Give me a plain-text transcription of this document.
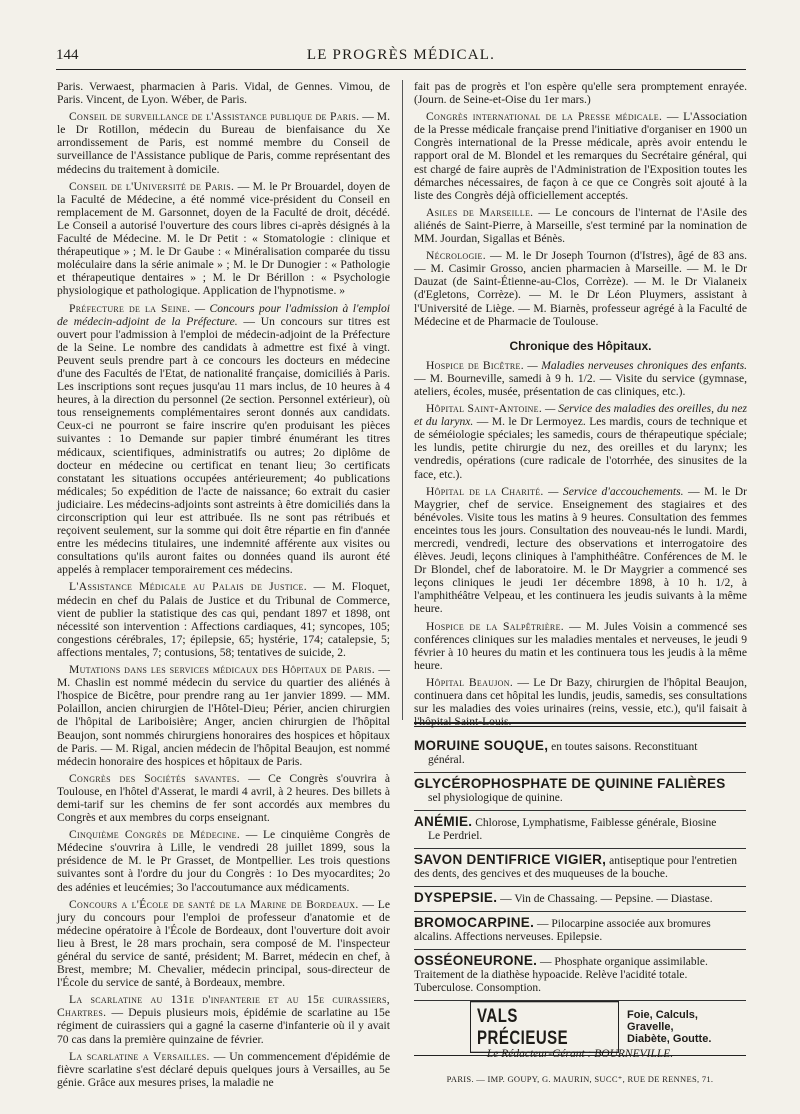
144	LE PROGRÈS MÉDICAL.

Paris. Verwaest, pharmacien à Paris. Vidal, de Gennes. Vimou, de Paris. Vincent, de Lyon. Wéber, de Paris.

Conseil de surveillance de l'Assistance publique de Paris. — M. le Dr Rotillon, médecin du Bureau de bienfaisance du Xe arrondissement de Paris, est nommé membre du Conseil de surveillance de l'Assistance publique de Paris, comme représentant des médecins du traitement à domicile.

Conseil de l'Université de Paris. — M. le Pr Brouardel, doyen de la Faculté de Médecine, a été nommé vice-président du Conseil en remplacement de M. Garsonnet, doyen de la Faculté de droit, décédé. Le Conseil a autorisé l'ouverture des cours libres ci-après désignés à la Faculté de Médecine. M. le Dr Petit : « Stomatologie : clinique et thérapeutique » ; M. le Dr Gaube : « Minéralisation comparée du tissu moléculaire dans la série animale » ; M. le Dr Dunogier : « Pathologie et thérapeutique dentaires » ; M. le Dr Bérillon : « Psychologie physiologique et pathologique. Application de l'hypnotisme. »

Préfecture de la Seine. — Concours pour l'admission à l'emploi de médecin-adjoint de la Préfecture. — Un concours sur titres est ouvert pour l'admission à l'emploi de médecin-adjoint de la Préfecture de la Seine. Le nombre des candidats à admettre est fixé à vingt. Peuvent seuls prendre part à ce concours les docteurs en médecine d'une des Facultés de l'Etat, de nationalité française, domiciliés à Paris. Les inscriptions sont reçues jusqu'au 11 mars inclus, de 10 heures à 4 heures, à la direction du personnel (2e section. Personnel extérieur), où tous renseignements complémentaires seront donnés aux candidats. Ceux-ci ne pourront se faire inscrire qu'en produisant les pièces suivantes : 1o Demande sur papier timbré énumérant les titres médicaux, scientifiques, administratifs ou autres; 2o diplôme de docteur en médecine ou certificat en tenant lieu; 3o certificats constatant les situations occupées antérieurement; 4o publications médicales; 5o expédition de l'acte de naissance; 6o extrait du casier judiciaire. Les médecins-adjoints sont astreints à être domiciliés dans la circonscription qui leur est attribuée. Ils ne sont pas rétribués et reçoivent seulement, sur la somme qui doit être répartie en fin d'année entre les médecins titulaires, une indemnité afférente aux visites ou consultations qu'ils auront faites ou données quand ils auront été appelés à remplacer temporairement ces médecins.

L'Assistance Médicale au Palais de Justice. — M. Floquet, médecin en chef du Palais de Justice et du Tribunal de Commerce, vient de publier la statistique des cas qui, pendant 1897 et 1898, ont nécessité son intervention : Affections cardiaques, 41; syncopes, 105; congestions cérébrales, 17; épilepsie, 65; hystérie, 174; catalepsie, 5; affections mentales, 7; contusions, 58; tentatives de suicide, 2.

Mutations dans les services médicaux des Hôpitaux de Paris. — M. Chaslin est nommé médecin du service du quartier des aliénés à l'hospice de Bicêtre, pour prendre rang au 1er janvier 1899. — MM. Polaillon, ancien chirurgien de l'Hôtel-Dieu; Périer, ancien chirurgien de l'hôpital de Lariboisière; Anger, ancien chirurgien de l'hôpital Beaujon, sont nommés chirurgiens honoraires des hospices et hôpitaux de Paris. — M. Rigal, ancien médecin de l'hôpital Beaujon, est nommé médecin honoraire des hospices et hôpitaux de Paris.

Congrès des Sociétés savantes. — Ce Congrès s'ouvrira à Toulouse, en l'hôtel d'Asserat, le mardi 4 avril, à 2 heures. Des billets à demi-tarif sur les chemins de fer sont accordés aux membres du Congrès et aux membres du corps enseignant.

Cinquième Congrès de Médecine. — Le cinquième Congrès de Médecine s'ouvrira à Lille, le vendredi 28 juillet 1899, sous la présidence de M. le Pr Grasset, de Montpellier. Les trois questions suivantes sont à l'ordre du jour du Congrès : 1o Des myocardites; 2o des adénies et leucémies; 3o l'accoutumance aux médicaments.

Concours a l'École de santé de la Marine de Bordeaux. — Le jury du concours pour l'emploi de professeur d'anatomie et de médecine opératoire à l'École de Bordeaux, dont l'ouverture doit avoir lieu à Brest, le 28 mars prochain, sera composé de M. l'inspecteur général du service de santé, président; M. Barret, médecin en chef, à Brest, membre; M. Chevalier, médecin principal, sous-directeur de l'École du service de santé, à Bordeaux, membre.

La scarlatine au 131e d'infanterie et au 15e cuirassiers, Chartres. — Depuis plusieurs mois, épidémie de scarlatine au 15e régiment de cuirassiers qui a gagné la caserne d'infanterie où il y avait 70 cas dans la première quinzaine de février.

La scarlatine a Versailles. — Un commencement d'épidémie de fièvre scarlatine s'est déclaré depuis quelques jours à Versailles, au 5e génie. Grâce aux mesures prises, la maladie ne

fait pas de progrès et l'on espère qu'elle sera promptement enrayée. (Journ. de Seine-et-Oise du 1er mars.)

Congrès international de la Presse médicale. — L'Association de la Presse médicale française prend l'initiative d'organiser en 1900 un Congrès international de la Presse médicale, après avoir entendu le rapport oral de M. Blondel et les remarques du Secrétaire général, qui est chargé de faire auprès de l'Administration de l'Exposition toutes les démarches nécessaires, de façon à ce que ce Congrès soit ajouté à la liste des Congrès déjà officiellement acceptés.

Asiles de Marseille. — Le concours de l'internat de l'Asile des aliénés de Saint-Pierre, à Marseille, s'est terminé par la nomination de MM. Jourdan, Sigallas et Bénès.

Nécrologie. — M. le Dr Joseph Tournon (d'Istres), âgé de 83 ans. — M. Casimir Grosso, ancien pharmacien à Marseille. — M. le Dr Dauzat (de Saint-Étienne-au-Clos, Corrèze). — M. le Dr Vialaneix (d'Egletons, Corrèze). — M. le Dr Léon Pluymers, assistant à l'Université de Liège. — M. Biarnès, professeur agrégé à la Faculté de Médecine et de Pharmacie de Toulouse.

Chronique des Hôpitaux.

Hospice de Bicêtre. — Maladies nerveuses chroniques des enfants. — M. Bourneville, samedi à 9 h. 1/2. — Visite du service (gymnase, ateliers, écoles, musée, présentation de cas cliniques, etc.).

Hôpital Saint-Antoine. — Service des maladies des oreilles, du nez et du larynx. — M. le Dr Lermoyez. Les mardis, cours de technique et de séméiologie spéciales; les samedis, cours de thérapeutique spéciale; les lundis, petite chirurgie du nez, des oreilles et du larynx; les vendredis, opérations (cure radicale de l'otorrhée, des sinusites de la face, etc.).

Hôpital de la Charité. — Service d'accouchements. — M. le Dr Maygrier, chef de service. Enseignement des stagiaires et des bénévoles. Visite tous les matins à 9 heures. Consultation des femmes enceintes tous les jours. Consultation des nouveau-nés le lundi. Mardi, mercredi, vendredi, lecture des observations et interrogatoire des élèves. Jeudi, leçons cliniques à l'amphithéâtre. Conférences de M. le Dr Blondel, chef de laboratoire. M. le Dr Maygrier a commencé ses leçons cliniques le jeudi 1er décembre 1898, à 10 h. 1/2, à l'amphithéâtre Velpeau, et les continuera les jeudis suivants à la même heure.

Hospice de la Salpêtrière. — M. Jules Voisin a commencé ses conférences cliniques sur les maladies mentales et nerveuses, le jeudi 9 février à 10 heures du matin et les continuera tous les jeudis à la même heure.

Hôpital Beaujon. — Le Dr Bazy, chirurgien de l'hôpital Beaujon, continuera dans cet hôpital les lundis, jeudis, samedis, ses consultations sur les maladies des voies urinaires (reins, vessie, etc.), qu'il faisait à l'hôpital Saint-Louis.

MORUINE SOUQUE, en toutes saisons. Reconstituant
général.
GLYCÉROPHOSPHATE DE QUININE FALIÈRES
sel physiologique de quinine.
ANÉMIE. Chlorose, Lymphatisme, Faiblesse générale, Biosine
Le Perdriel.
SAVON DENTIFRICE VIGIER, antiseptique pour l'entretien des dents, des gencives et des muqueuses de la bouche.
DYSPEPSIE. — Vin de Chassaing. — Pepsine. — Diastase.
BROMOCARPINE. — Pilocarpine associée aux bromures alcalins. Affections nerveuses. Epilepsie.
OSSÉONEURONE. — Phosphate organique assimilable. Traitement de la diathèse hypoacide. Relève l'acidité totale. Tuberculose. Consomption.
VALS PRÉCIEUSE
Foie, Calculs, Gravelle,
Diabète, Goutte.
Le Rédacteur-Gérant : BOURNEVILLE.
PARIS. — IMP. GOUPY, G. MAURIN, SUCC⁺, RUE DE RENNES, 71.
